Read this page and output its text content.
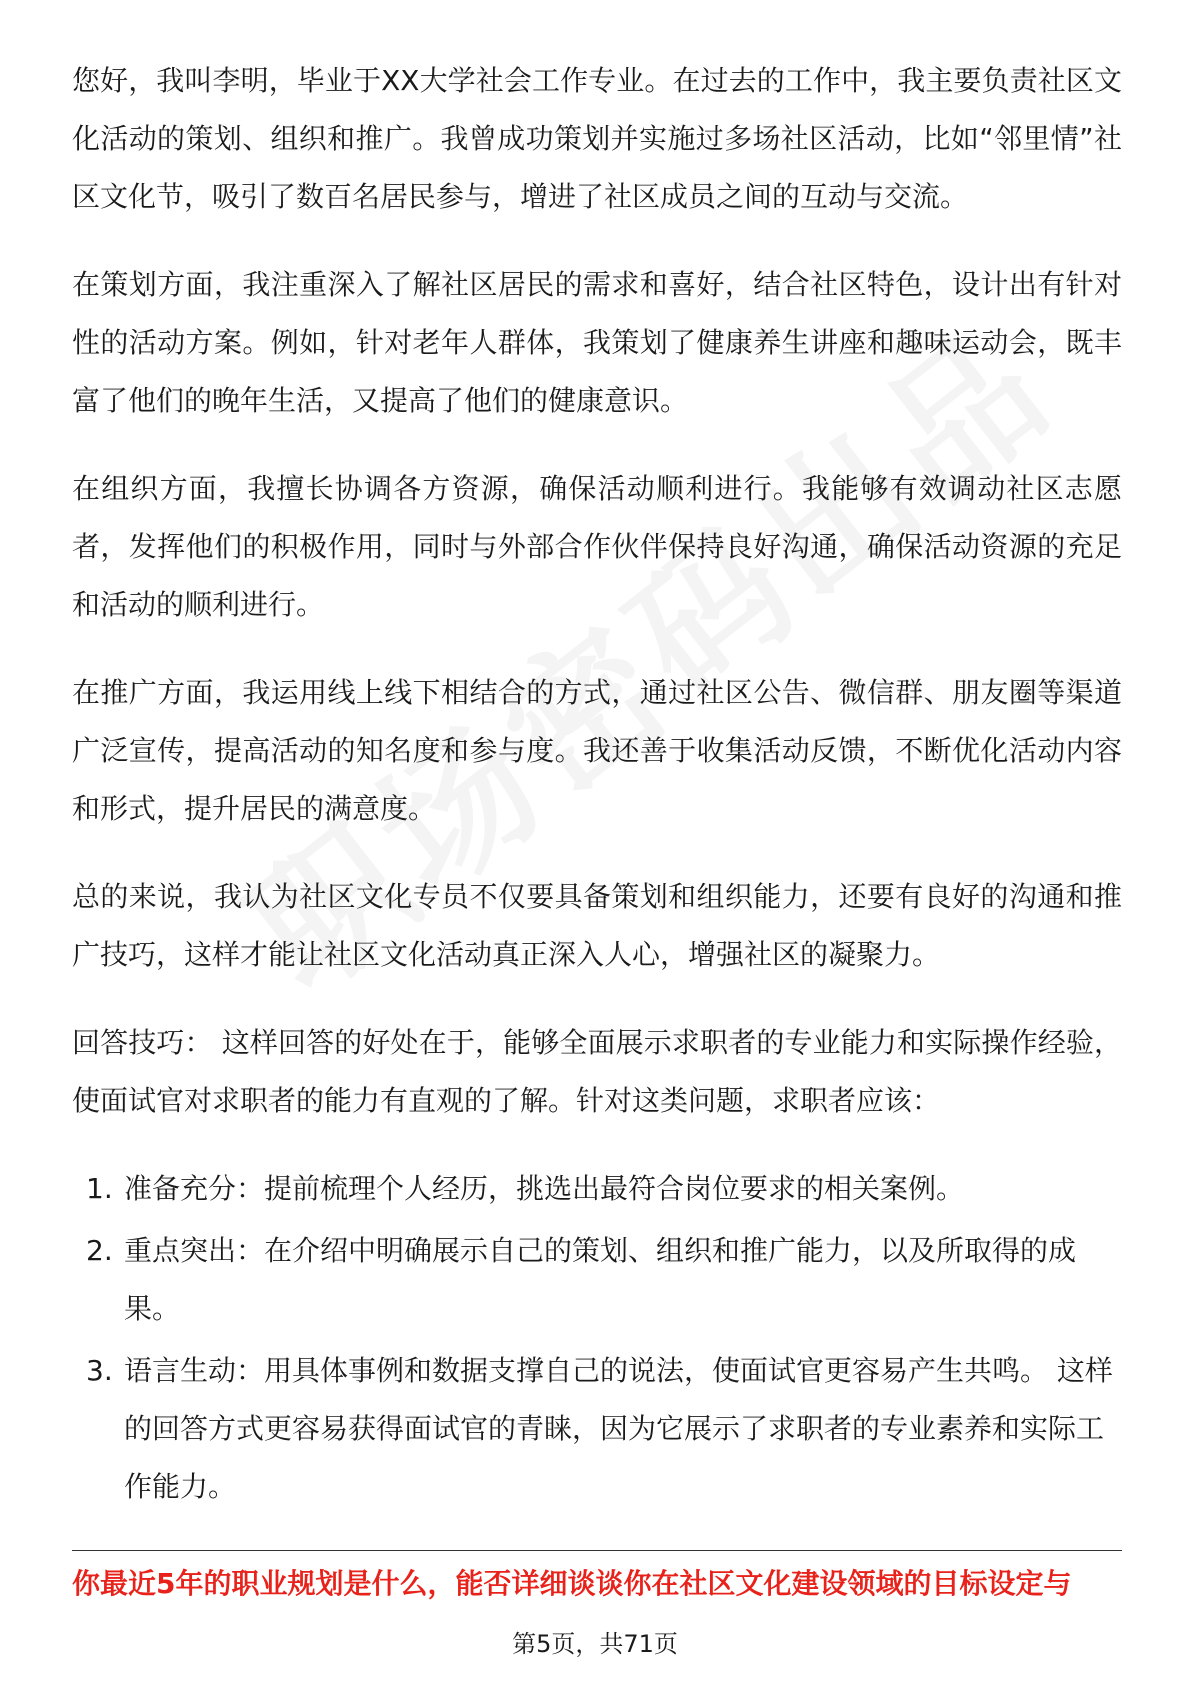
您好，我叫李明，毕业于XX大学社会工作专业。在过去的工作中，我主要负责社区文化活动的策划、组织和推广。我曾成功策划并实施过多场社区活动，比如“邻里情”社区文化节，吸引了数百名居民参与，增进了社区成员之间的互动与交流。

在策划方面，我注重深入了解社区居民的需求和喜好，结合社区特色，设计出有针对性的活动方案。例如，针对老年人群体，我策划了健康养生讲座和趣味运动会，既丰富了他们的晚年生活，又提高了他们的健康意识。

在组织方面，我擅长协调各方资源，确保活动顺利进行。我能够有效调动社区志愿者，发挥他们的积极作用，同时与外部合作伙伴保持良好沟通，确保活动资源的充足和活动的顺利进行。

在推广方面，我运用线上线下相结合的方式，通过社区公告、微信群、朋友圈等渠道广泛宣传，提高活动的知名度和参与度。我还善于收集活动反馈，不断优化活动内容和形式，提升居民的满意度。

总的来说，我认为社区文化专员不仅要具备策划和组织能力，还要有良好的沟通和推广技巧，这样才能让社区文化活动真正深入人心，增强社区的凝聚力。

回答技巧： 这样回答的好处在于，能够全面展示求职者的专业能力和实际操作经验，使面试官对求职者的能力有直观的了解。针对这类问题，求职者应该：

1. 准备充分：提前梳理个人经历，挑选出最符合岗位要求的相关案例。
2. 重点突出：在介绍中明确展示自己的策划、组织和推广能力，以及所取得的成果。
3. 语言生动：用具体事例和数据支撑自己的说法，使面试官更容易产生共鸣。 这样的回答方式更容易获得面试官的青睐，因为它展示了求职者的专业素养和实际工作能力。
你最近5年的职业规划是什么，能否详细谈谈你在社区文化建设领域的目标设定与
第5页，共71页
